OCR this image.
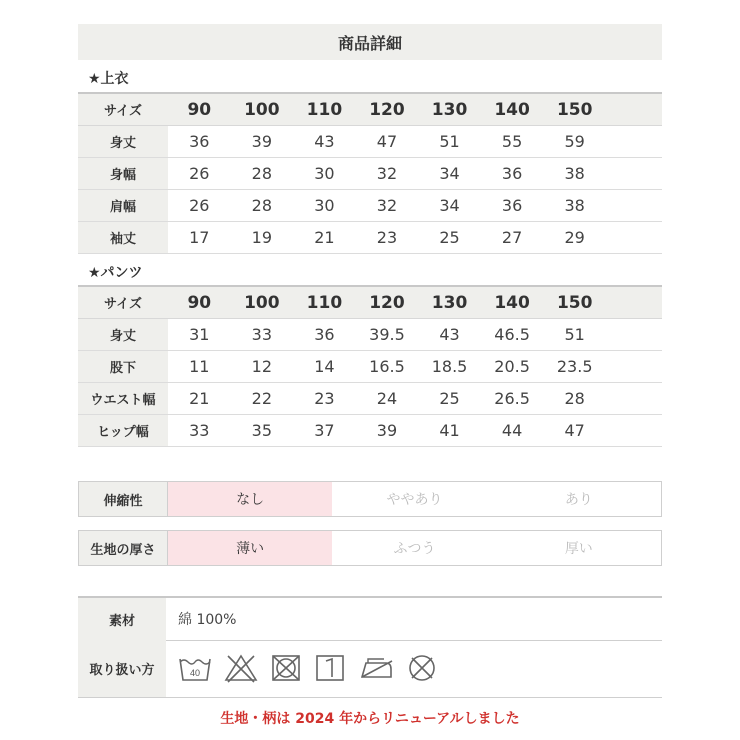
商品詳細
★上衣
サイズ	90	100	110	120	130	140	150	
身丈	36	39	43	47	51	55	59	
身幅	26	28	30	32	34	36	38	
肩幅	26	28	30	32	34	36	38	
袖丈	17	19	21	23	25	27	29	
★パンツ
サイズ	90	100	110	120	130	140	150	
身丈	31	33	36	39.5	43	46.5	51	
股下	11	12	14	16.5	18.5	20.5	23.5	
ウエスト幅	21	22	23	24	25	26.5	28	
ヒップ幅	33	35	37	39	41	44	47	
伸縮性	なし	ややあり	あり
生地の厚さ	薄い	ふつう	厚い
素材	綿 100%
取り扱い方	40
生地・柄は 2024 年からリニューアルしました
